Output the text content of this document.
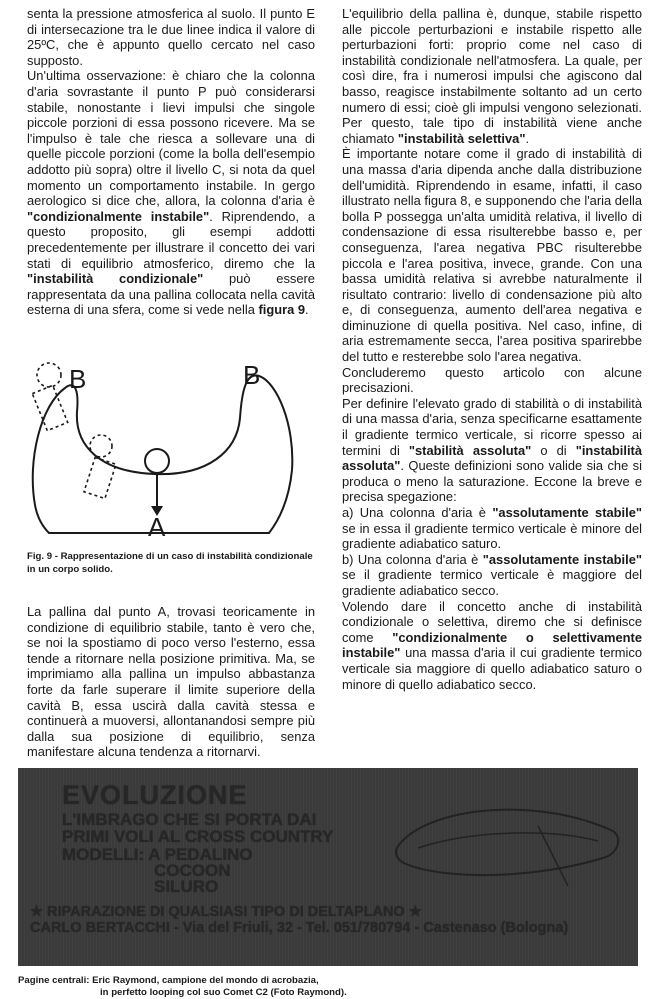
senta la pressione atmosferica al suolo. Il punto E di intersecazione tra le due linee indica il valore di 25ºC, che è appunto quello cercato nel caso supposto.

Un'ultima osservazione: è chiaro che la colonna d'aria sovrastante il punto P può considerarsi stabile, nonostante i lievi impulsi che singole piccole porzioni di essa possono ricevere. Ma se l'impulso è tale che riesca a sollevare una di quelle piccole porzioni (come la bolla dell'esempio addotto più sopra) oltre il livello C, si nota da quel momento un comportamento instabile. In gergo aerologico si dice che, allora, la colonna d'aria è "condizionalmente instabile". Riprendendo, a questo proposito, gli esempi addotti precedentemente per illustrare il concetto dei vari stati di equilibrio atmosferico, diremo che la "instabilità condizionale" può essere rappresentata da una pallina collocata nella cavità esterna di una sfera, come si vede nella figura 9.

B	B
A
Fig. 9 - Rappresentazione di un caso di instabilità condizionale in un corpo solido.

La pallina dal punto A, trovasi teoricamente in condizione di equilibrio stabile, tanto è vero che, se noi la spostiamo di poco verso l'esterno, essa tende a ritornare nella posizione primitiva. Ma, se imprimiamo alla pallina un impulso abbastanza forte da farle superare il limite superiore della cavità B, essa uscirà dalla cavità stessa e continuerà a muoversi, allontanandosi sempre più dalla sua posizione di equilibrio, senza manifestare alcuna tendenza a ritornarvi.

L'equilibrio della pallina è, dunque, stabile rispetto alle piccole perturbazioni e instabile rispetto alle perturbazioni forti: proprio come nel caso di instabilità condizionale nell'atmosfera. La quale, per così dire, fra i numerosi impulsi che agiscono dal basso, reagisce instabilmente soltanto ad un certo numero di essi; cioè gli impulsi vengono selezionati. Per questo, tale tipo di instabilità viene anche chiamato "instabilità selettiva".

È importante notare come il grado di instabilità di una massa d'aria dipenda anche dalla distribuzione dell'umidità. Riprendendo in esame, infatti, il caso illustrato nella figura 8, e supponendo che l'aria della bolla P possegga un'alta umidità relativa, il livello di condensazione di essa risulterebbe basso e, per conseguenza, l'area negativa PBC risulterebbe piccola e l'area positiva, invece, grande. Con una bassa umidità relativa si avrebbe naturalmente il risultato contrario: livello di condensazione più alto e, di conseguenza, aumento dell'area negativa e diminuzione di quella positiva. Nel caso, infine, di aria estremamente secca, l'area positiva sparirebbe del tutto e resterebbe solo l'area negativa.

Concluderemo questo articolo con alcune precisazioni.

Per definire l'elevato grado di stabilità o di instabilità di una massa d'aria, senza specificarne esattamente il gradiente termico verticale, si ricorre spesso ai termini di "stabilità assoluta" o di "instabilità assoluta". Queste definizioni sono valide sia che si produca o meno la saturazione. Eccone la breve e precisa spegazione:

a) Una colonna d'aria è "assolutamente stabile" se in essa il gradiente termico verticale è minore del gradiente adiabatico saturo.

b) Una colonna d'aria è "assolutamente instabile" se il gradiente termico verticale è maggiore del gradiente adiabatico secco.

Volendo dare il concetto anche di instabilità condizionale o selettiva, diremo che si definisce come "condizionalmente o selettivamente instabile" una massa d'aria il cui gradiente termico verticale sia maggiore di quello adiabatico saturo o minore di quello adiabatico secco.

EVOLUZIONE
L'IMBRAGO CHE SI PORTA DAI
PRIMI VOLI AL CROSS COUNTRY
MODELLI: A PEDALINO
COCOON
SILURO
★ RIPARAZIONE DI QUALSIASI TIPO DI DELTAPLANO ★
CARLO BERTACCHI - Via del Friuli, 32 - Tel. 051/780794 - Castenaso (Bologna)
Pagine centrali: Eric Raymond, campione del mondo di acrobazia,
in perfetto looping col suo Comet C2 (Foto Raymond).
